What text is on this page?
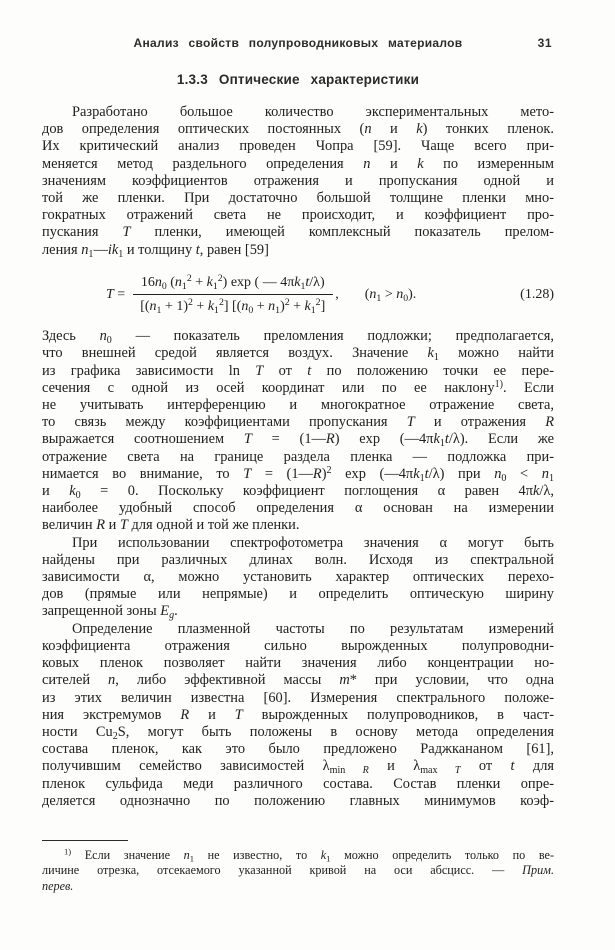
Анализ свойств полупроводниковых материалов	31
1.3.3 Оптические характеристики
Разработано большое количество экспериментальных мето-
дов определения оптических постоянных (n и k) тонких пленок.
Их критический анализ проведен Чопра [59]. Чаще всего при-
меняется метод раздельного определения n и k по измеренным
значениям коэффициентов отражения и пропускания одной и
той же пленки. При достаточно большой толщине пленки мно-
гократных отражений света не происходит, и коэффициент про-
пускания T пленки, имеющей комплексный показатель прелом-
ления $n_1—ik_1$ и толщину t, равен [59]
$T = \frac{16n_0 (n_1^2 + k_1^2) \exp ( — 4\pi k_1t/\lambda)}{[(n_1 + 1)^2 + k_1^2] [(n_0 + n_1)^2 + k_1^2]}$ , $(n_1 > n_0)$.	(1.28)
Здесь $n_0$ — показатель преломления подложки; предполагается,
что внешней средой является воздух. Значение $k_1$ можно найти
из графика зависимости ln T от t по положению точки ее пере-
сечения с одной из осей координат или по ее наклону$^{1)}$. Если
не учитывать интерференцию и многократное отражение света,
то связь между коэффициентами пропускания T и отражения R
выражается соотношением T = (1—R) $\exp (—4\pi k_1t/\lambda)$. Если же
отражение света на границе раздела пленка — подложка при-
нимается во внимание, то T = (1—R)$^2$ $\exp (—4\pi k_1t/\lambda)$ при $n_0 < n_1$
и $k_0 = 0$. Поскольку коэффициент поглощения α равен 4πk/λ,
наиболее удобный способ определения α основан на измерении
величин R и T для одной и той же пленки.
При использовании спектрофотометра значения α могут быть
найдены при различных длинах волн. Исходя из спектральной
зависимости α, можно установить характер оптических перехо-
дов (прямые или непрямые) и определить оптическую ширину
запрещенной зоны $E_g$.
Определение плазменной частоты по результатам измерений
коэффициента отражения сильно вырожденных полупроводни-
ковых пленок позволяет найти значения либо концентрации но-
сителей n, либо эффективной массы m* при условии, что одна
из этих величин известна [60]. Измерения спектрального положе-
ния экстремумов R и T вырожденных полупроводников, в част-
ности $Cu_2S$, могут быть положены в основу метода определения
состава пленок, как это было предложено Раджкананом [61],
получившим семейство зависимостей $\lambda_{min R}$ и $\lambda_{max T}$ от t для
пленок сульфида меди различного состава. Состав пленки опре-
деляется однозначно по положению главных минимумов коэф-
$^{1)}$ Если значение $n_1$ не известно, то $k_1$ можно определить только по ве-
личине отрезка, отсекаемого указанной кривой на оси абсцисс. — Прим.
перев.
